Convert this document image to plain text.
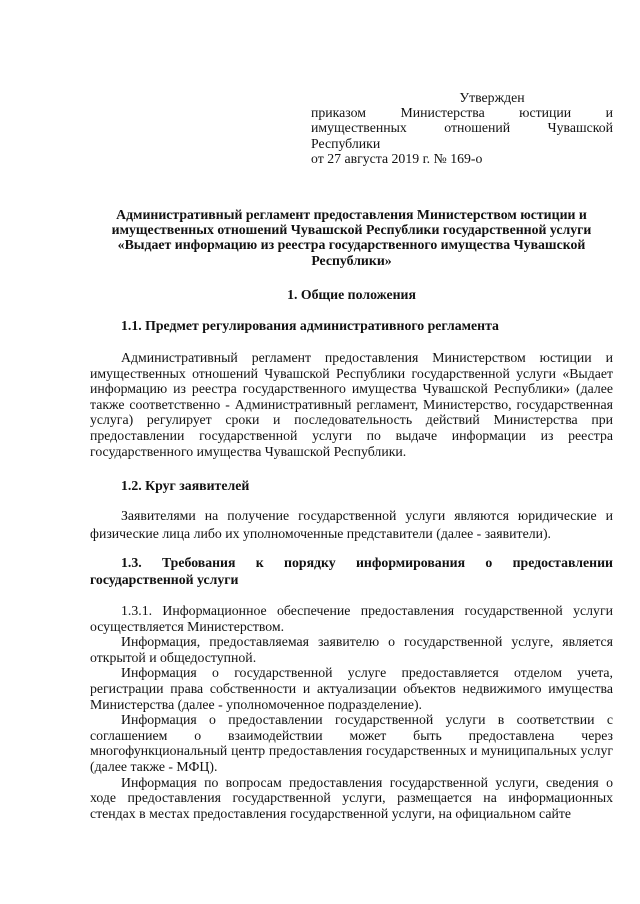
Утвержден
приказом Министерства юстиции и имущественных отношений Чувашской Республики
от 27 августа 2019 г. № 169-о
Административный регламент предоставления Министерством юстиции и имущественных отношений Чувашской Республики государственной услуги «Выдает информацию из реестра государственного имущества Чувашской Республики»
1. Общие положения
1.1. Предмет регулирования административного регламента

Административный регламент предоставления Министерством юстиции и имущественных отношений Чувашской Республики государственной услуги «Выдает информацию из реестра государственного имущества Чувашской Республики» (далее также соответственно - Административный регламент, Министерство, государственная услуга) регулирует сроки и последовательность действий Министерства при предоставлении государственной услуги по выдаче информации из реестра государственного имущества Чувашской Республики.

1.2. Круг заявителей

Заявителями на получение государственной услуги являются юридические и физические лица либо их уполномоченные представители (далее - заявители).

1.3. Требования к порядку информирования о предоставлении государственной услуги

1.3.1. Информационное обеспечение предоставления государственной услуги осуществляется Министерством.

Информация, предоставляемая заявителю о государственной услуге, является открытой и общедоступной.

Информация о государственной услуге предоставляется отделом учета, регистрации права собственности и актуализации объектов недвижимого имущества Министерства (далее - уполномоченное подразделение).

Информация о предоставлении государственной услуги в соответствии с соглашением о взаимодействии может быть предоставлена через многофункциональный центр предоставления государственных и муниципальных услуг (далее также - МФЦ).

Информация по вопросам предоставления государственной услуги, сведения о ходе предоставления государственной услуги, размещается на информационных стендах в местах предоставления государственной услуги, на официальном сайте
